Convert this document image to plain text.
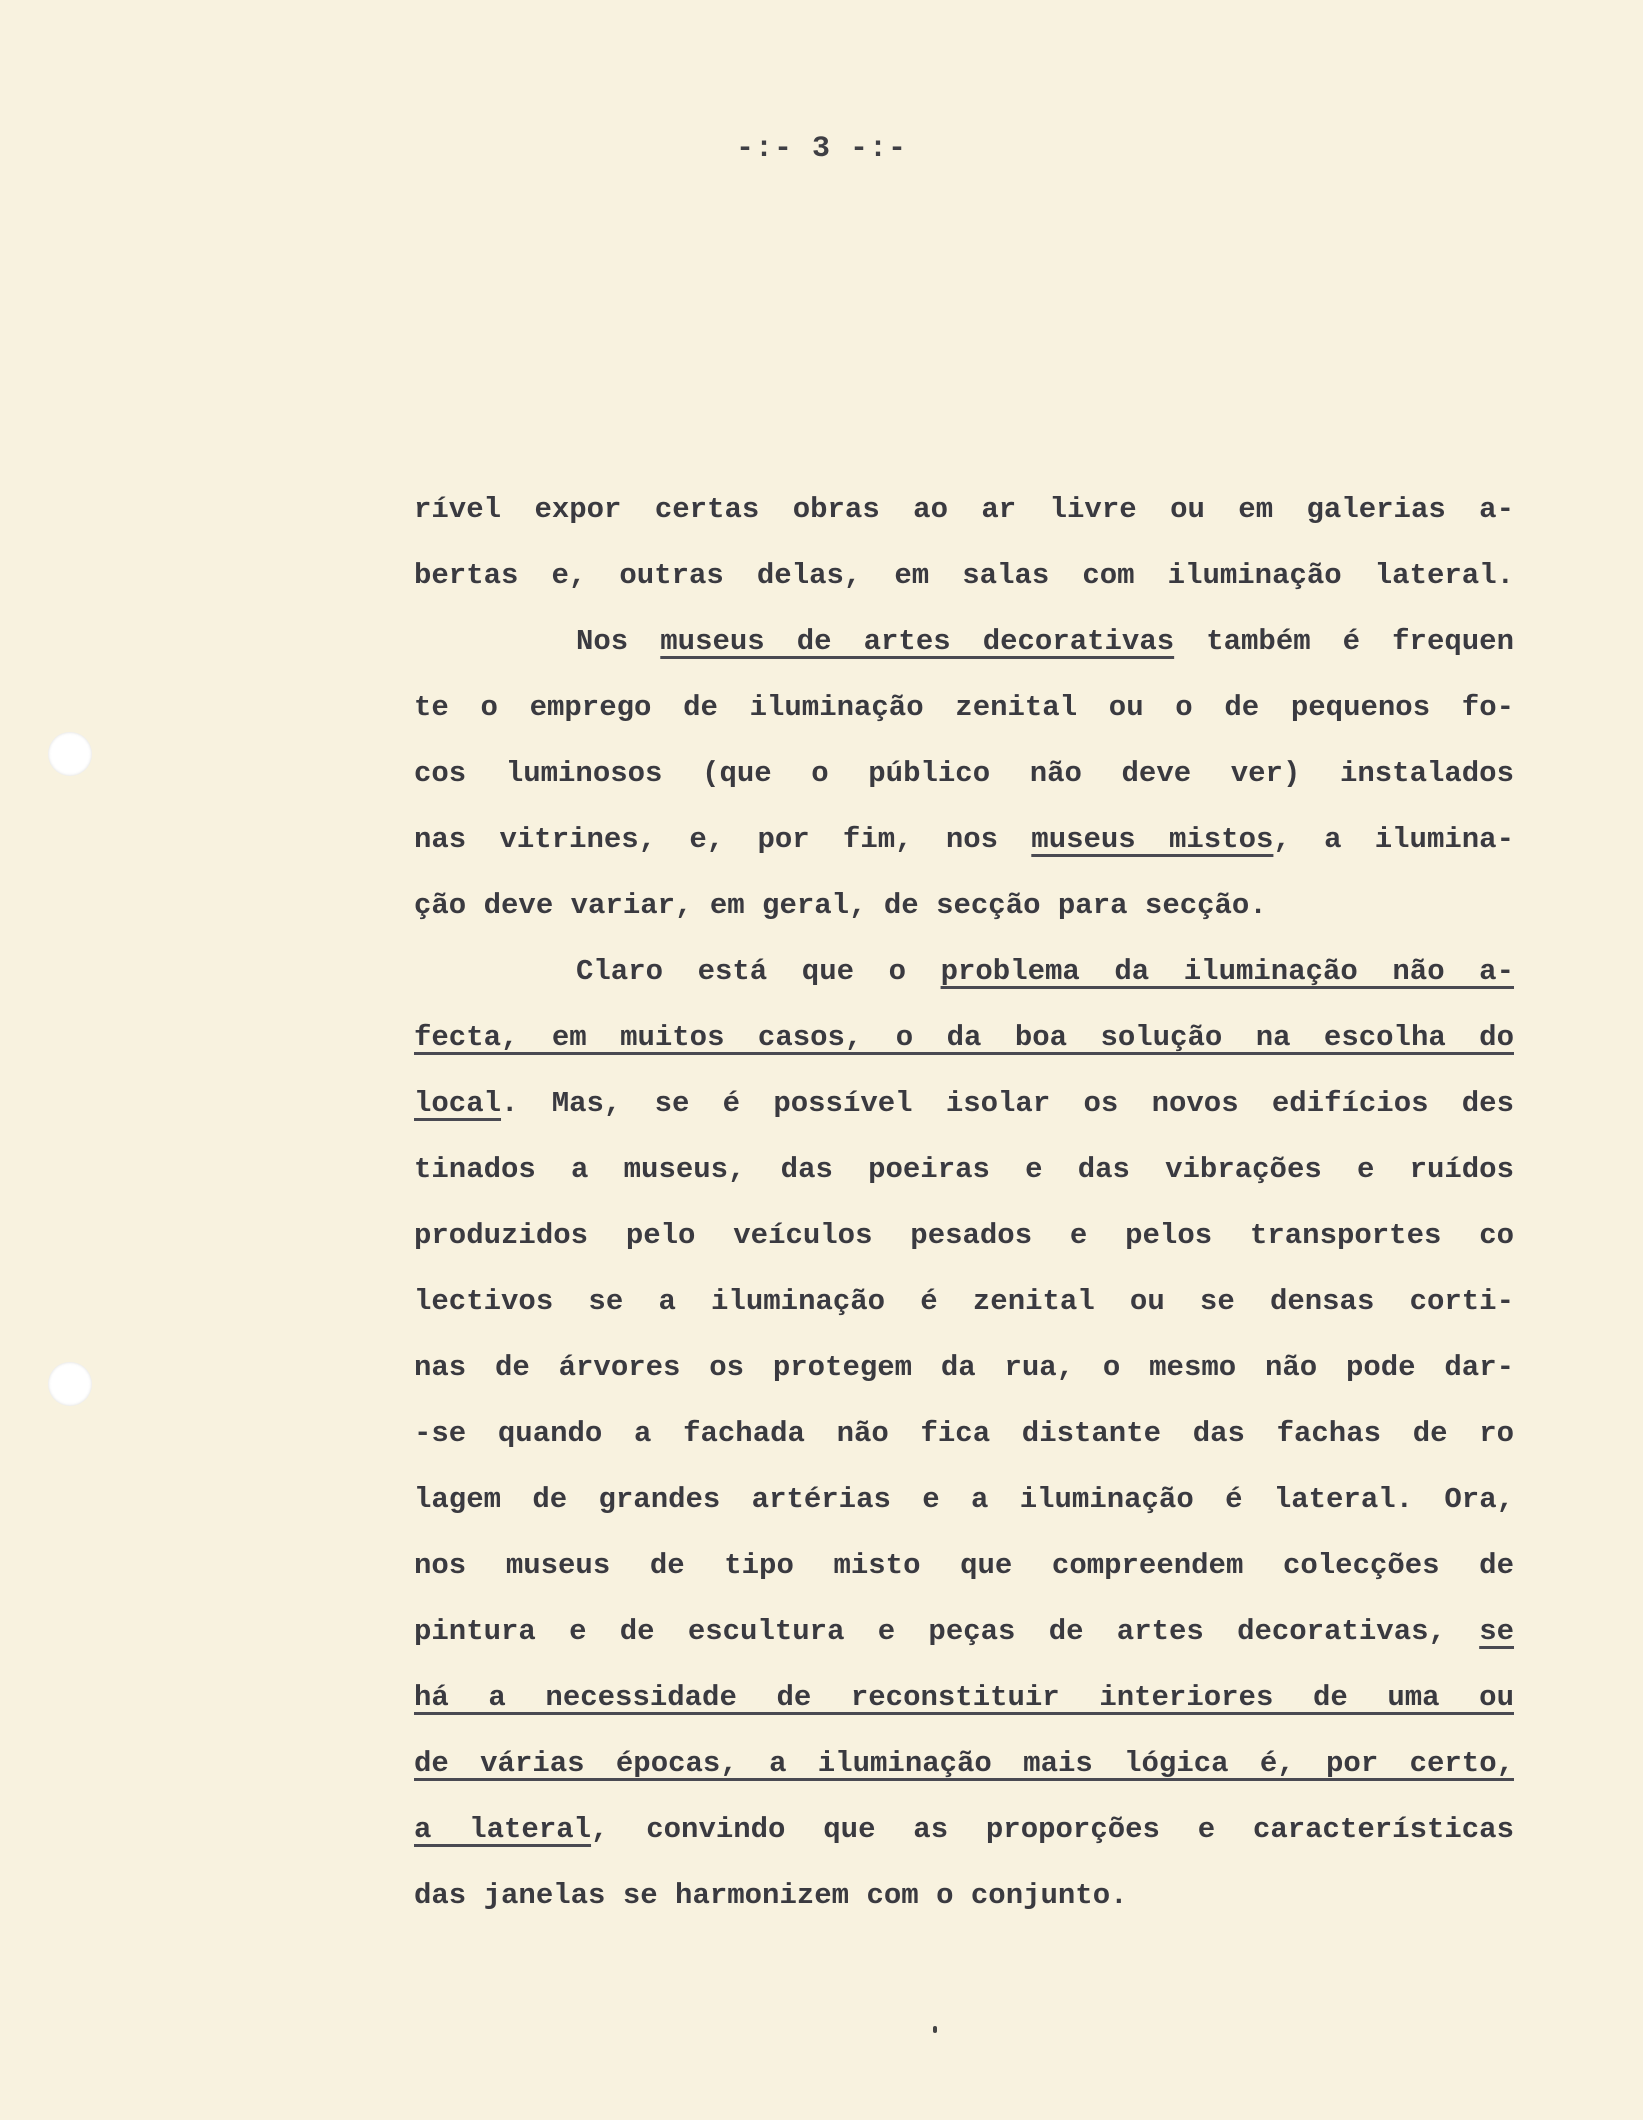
-:- 3 -:-
rível expor certas obras ao ar livre ou em galerias a-
bertas e, outras delas, em salas com iluminação lateral.
Nos museus de artes decorativas também é frequen
te o emprego de iluminação zenital ou o de pequenos fo-
cos luminosos (que o público não deve ver) instalados
nas vitrines, e, por fim, nos museus mistos, a ilumina-
ção deve variar, em geral, de secção para secção.
Claro está que o problema da iluminação não a-
fecta, em muitos casos, o da boa solução na escolha do
local. Mas, se é possível isolar os novos edifícios des
tinados a museus, das poeiras e das vibrações e ruídos
produzidos pelo veículos pesados e pelos transportes co
lectivos se a iluminação é zenital ou se densas corti-
nas de árvores os protegem da rua, o mesmo não pode dar-
-se quando a fachada não fica distante das fachas de ro
lagem de grandes artérias e a iluminação é lateral. Ora,
nos museus de tipo misto que compreendem colecções de
pintura e de escultura e peças de artes decorativas, se
há a necessidade de reconstituir interiores de uma ou
de várias épocas, a iluminação mais lógica é, por certo,
a lateral, convindo que as proporções e características
das janelas se harmonizem com o conjunto.
